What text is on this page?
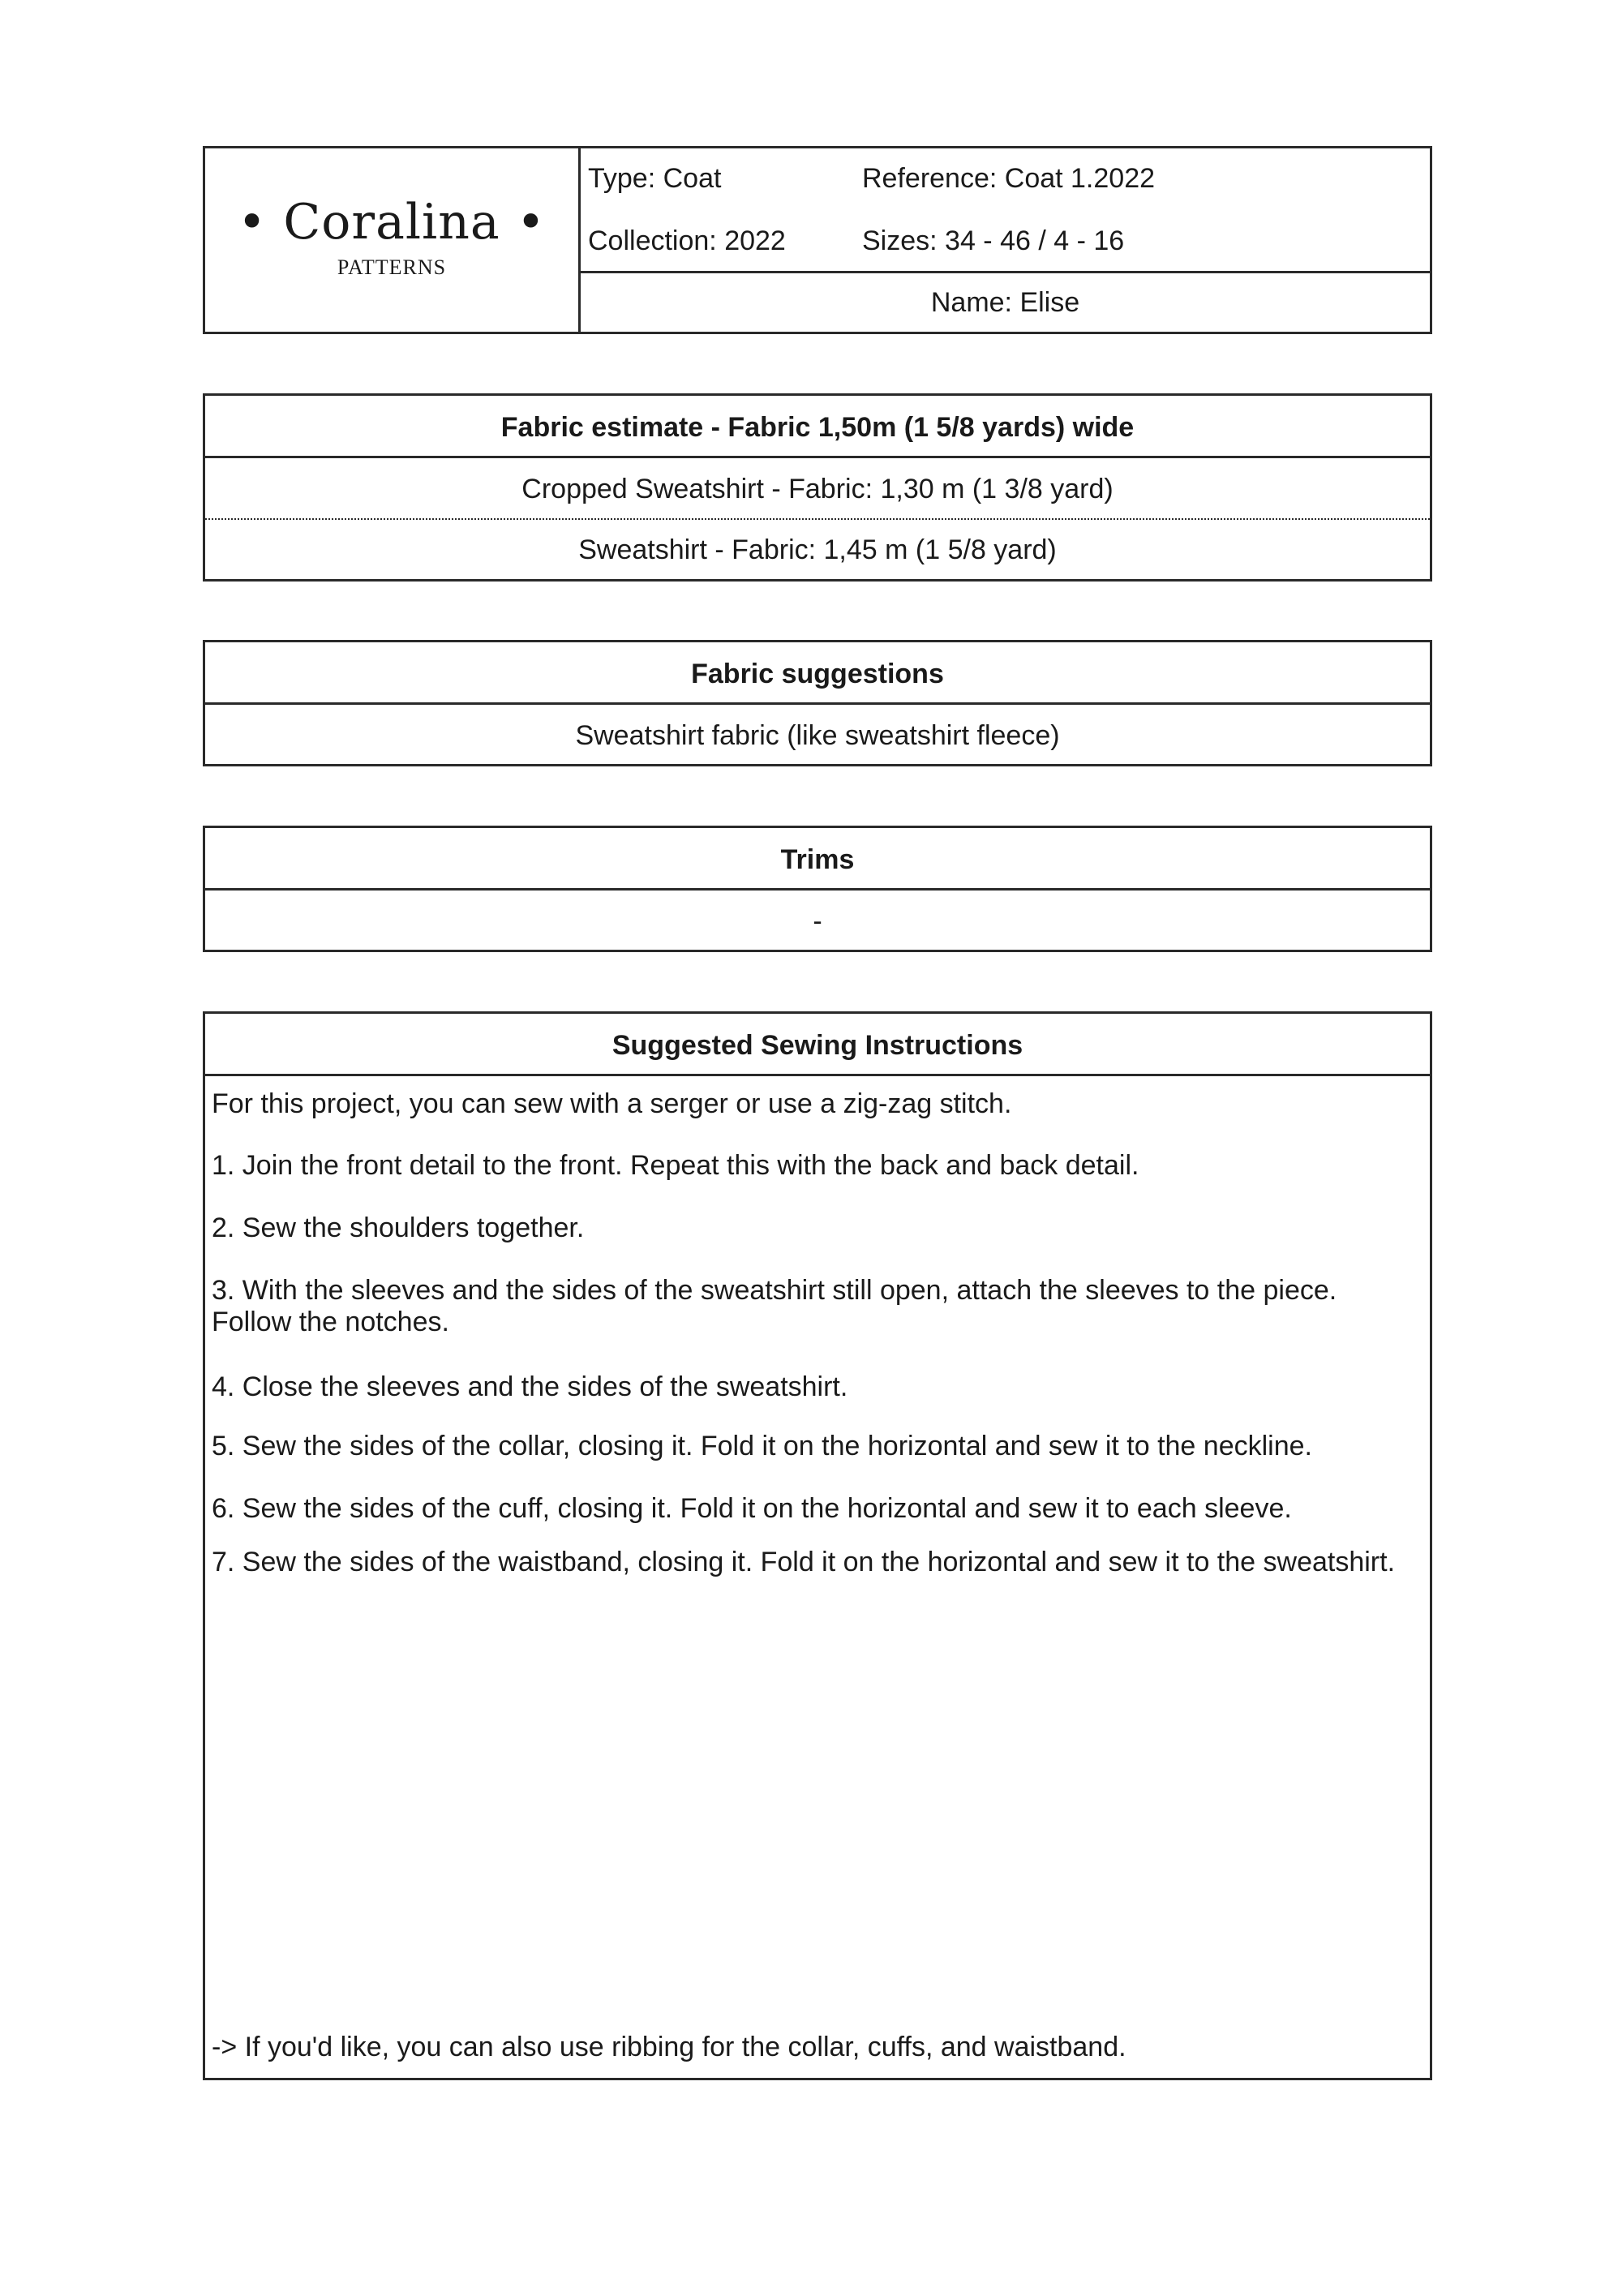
• Coralina •
PATTERNS
Type: Coat	Reference: Coat 1.2022
Collection: 2022	Sizes: 34 - 46 / 4 - 16
Name: Elise
Fabric estimate - Fabric 1,50m (1 5/8 yards) wide
Cropped Sweatshirt - Fabric: 1,30 m (1 3/8 yard)
Sweatshirt - Fabric: 1,45 m (1 5/8 yard)
Fabric suggestions
Sweatshirt fabric (like sweatshirt fleece)
Trims
-
Suggested Sewing Instructions
For this project, you can sew with a serger or use a zig-zag stitch.
1. Join the front detail to the front. Repeat this with the back and back detail.
2. Sew the shoulders together.
3. With the sleeves and the sides of the sweatshirt still open, attach the sleeves to the piece. Follow the notches.
4. Close the sleeves and the sides of the sweatshirt.
5. Sew the sides of the collar, closing it. Fold it on the horizontal and sew it to the neckline.
6. Sew the sides of the cuff, closing it. Fold it on the horizontal and sew it to each sleeve.
7. Sew the sides of the waistband, closing it. Fold it on the horizontal and sew it to the sweatshirt.
-> If you'd like, you can also use ribbing for the collar, cuffs, and waistband.
